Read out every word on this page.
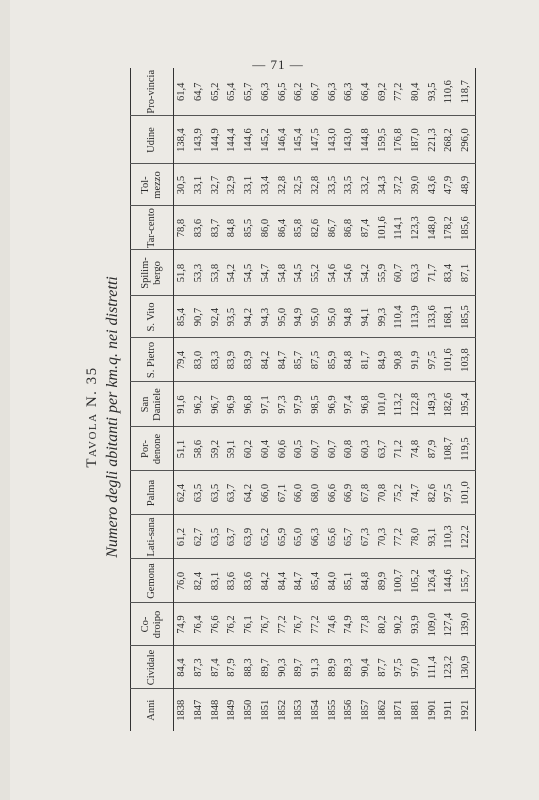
— 71 —
Tavola N. 35 Numero degli abitanti per km.q. nei distretti
Anni	Cividale	Co-droipo	Gemona	Lati-sana	Palma	Por-denone	San Daniele	S. Pietro	S. Vito	Spilim-bergo	Tar-cento	Tol-mezzo	Udine	Pro-vincia
1838	84,4	74,9	76,0	61,2	62,4	51,1	91,6	79,4	85,4	51,8	78,8	30,5	138,4	61,4
1847	87,3	76,4	82,4	62,7	63,5	58,6	96,2	83,0	90,7	53,3	83,6	33,1	143,9	64,7
1848	87,4	76,6	83,1	63,5	63,5	59,2	96,7	83,3	92,4	53,8	83,7	32,7	144,9	65,2
1849	87,9	76,2	83,6	63,7	63,7	59,1	96,9	83,9	93,5	54,2	84,8	32,9	144,4	65,4
1850	88,3	76,1	83,6	63,9	64,2	60,2	96,8	83,9	94,2	54,5	85,5	33,1	144,6	65,7
1851	89,7	76,7	84,2	65,2	66,0	60,4	97,1	84,2	94,3	54,7	86,0	33,4	145,2	66,3
1852	90,3	77,2	84,4	65,9	67,1	60,6	97,3	84,7	95,0	54,8	86,4	32,8	146,4	66,5
1853	89,7	76,7	84,7	65,0	66,0	60,5	97,9	85,7	94,9	54,5	85,8	32,5	145,4	66,2
1854	91,3	77,2	85,4	66,3	68,0	60,7	98,5	87,5	95,0	55,2	82,6	32,8	147,5	66,7
1855	89,9	74,6	84,0	65,6	66,6	60,7	96,9	85,9	95,0	54,6	86,7	33,5	143,0	66,3
1856	89,3	74,9	85,1	65,7	66,9	60,8	97,4	84,8	94,8	54,6	86,8	33,5	143,0	66,3
1857	90,4	77,8	84,8	67,3	67,8	60,3	96,8	81,7	94,1	54,2	87,4	33,2	144,8	66,4
1862	87,7	80,2	89,9	70,3	70,8	63,7	101,0	84,9	99,3	55,9	101,6	34,3	159,5	69,2
1871	97,5	90,2	100,7	77,2	75,2	71,2	113,2	90,8	110,4	60,7	114,1	37,2	176,8	77,2
1881	97,0	93,9	105,2	78,0	74,7	74,8	122,8	91,9	113,9	63,3	123,3	39,0	187,0	80,4
1901	111,4	109,0	126,4	93,1	82,6	87,9	149,3	97,5	133,6	71,7	148,0	43,6	221,3	93,5
1911	123,2	127,4	144,6	110,3	97,5	108,7	182,6	101,6	168,1	83,4	178,2	47,9	268,2	110,6
1921	130,9	139,0	155,7	122,2	101,0	119,5	195,4	103,8	185,5	87,1	185,6	48,9	296,0	118,7
